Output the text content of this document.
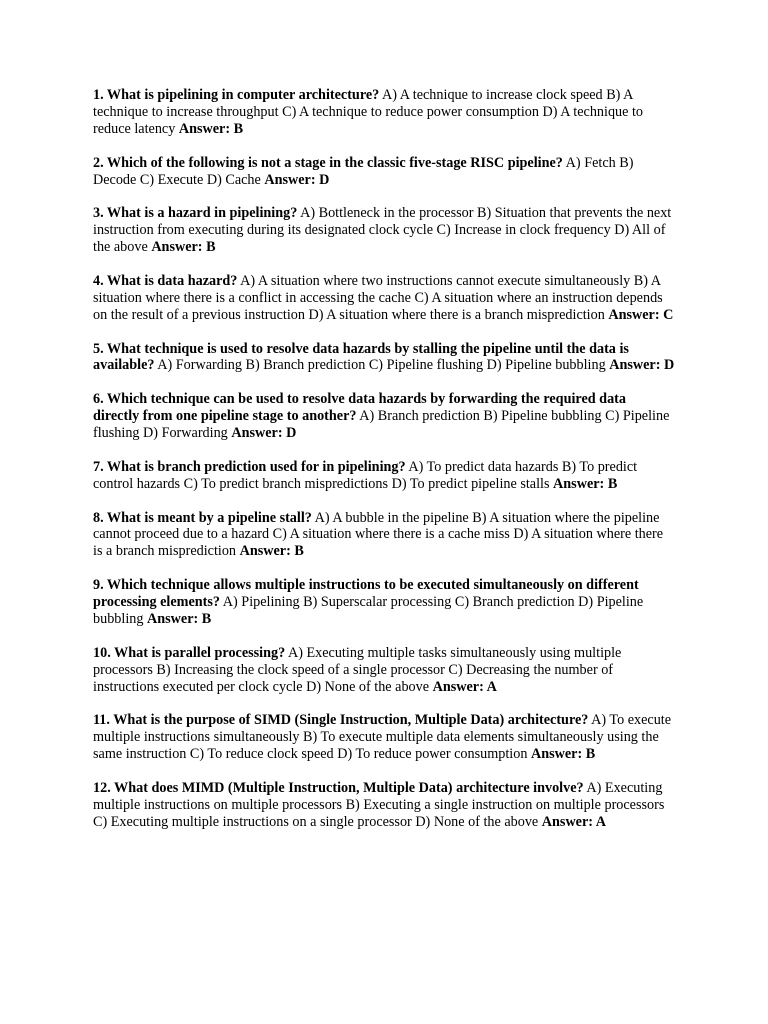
1. What is pipelining in computer architecture? A) A technique to increase clock speed B) A technique to increase throughput C) A technique to reduce power consumption D) A technique to reduce latency Answer: B

2. Which of the following is not a stage in the classic five-stage RISC pipeline? A) Fetch B) Decode C) Execute D) Cache Answer: D

3. What is a hazard in pipelining? A) Bottleneck in the processor B) Situation that prevents the next instruction from executing during its designated clock cycle C) Increase in clock frequency D) All of the above Answer: B

4. What is data hazard? A) A situation where two instructions cannot execute simultaneously B) A situation where there is a conflict in accessing the cache C) A situation where an instruction depends on the result of a previous instruction D) A situation where there is a branch misprediction Answer: C

5. What technique is used to resolve data hazards by stalling the pipeline until the data is available? A) Forwarding B) Branch prediction C) Pipeline flushing D) Pipeline bubbling Answer: D

6. Which technique can be used to resolve data hazards by forwarding the required data directly from one pipeline stage to another? A) Branch prediction B) Pipeline bubbling C) Pipeline flushing D) Forwarding Answer: D

7. What is branch prediction used for in pipelining? A) To predict data hazards B) To predict control hazards C) To predict branch mispredictions D) To predict pipeline stalls Answer: B

8. What is meant by a pipeline stall? A) A bubble in the pipeline B) A situation where the pipeline cannot proceed due to a hazard C) A situation where there is a cache miss D) A situation where there is a branch misprediction Answer: B

9. Which technique allows multiple instructions to be executed simultaneously on different processing elements? A) Pipelining B) Superscalar processing C) Branch prediction D) Pipeline bubbling Answer: B

10. What is parallel processing? A) Executing multiple tasks simultaneously using multiple processors B) Increasing the clock speed of a single processor C) Decreasing the number of instructions executed per clock cycle D) None of the above Answer: A

11. What is the purpose of SIMD (Single Instruction, Multiple Data) architecture? A) To execute multiple instructions simultaneously B) To execute multiple data elements simultaneously using the same instruction C) To reduce clock speed D) To reduce power consumption Answer: B

12. What does MIMD (Multiple Instruction, Multiple Data) architecture involve? A) Executing multiple instructions on multiple processors B) Executing a single instruction on multiple processors C) Executing multiple instructions on a single processor D) None of the above Answer: A
